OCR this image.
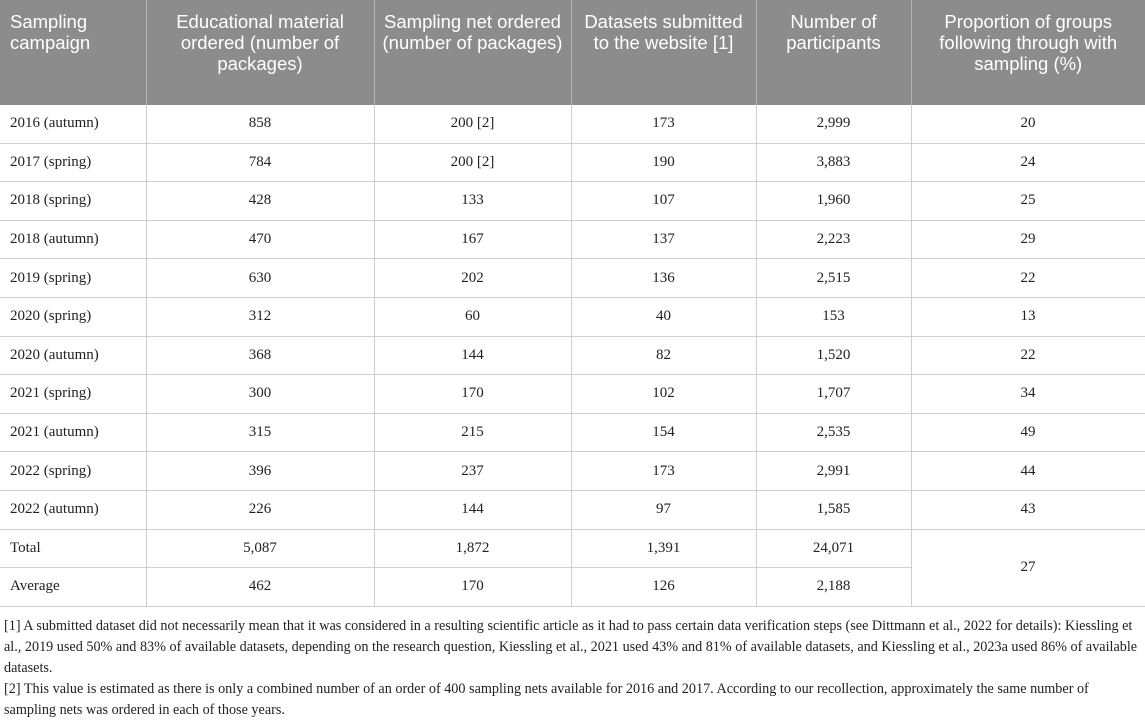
Sampling campaign	Educational material ordered (number of packages)	Sampling net ordered (number of packages)	Datasets submitted to the website [1]	Number of participants	Proportion of groups following through with sampling (%)
2016 (autumn)	858	200 [2]	173	2,999	20
2017 (spring)	784	200 [2]	190	3,883	24
2018 (spring)	428	133	107	1,960	25
2018 (autumn)	470	167	137	2,223	29
2019 (spring)	630	202	136	2,515	22
2020 (spring)	312	60	40	153	13
2020 (autumn)	368	144	82	1,520	22
2021 (spring)	300	170	102	1,707	34
2021 (autumn)	315	215	154	2,535	49
2022 (spring)	396	237	173	2,991	44
2022 (autumn)	226	144	97	1,585	43
Total	5,087	1,872	1,391	24,071	27
Average	462	170	126	2,188	

[1] A submitted dataset did not necessarily mean that it was considered in a resulting scientific article as it had to pass certain data verification steps (see Dittmann et al., 2022 for details): Kiessling et al., 2019 used 50% and 83% of available datasets, depending on the research question, Kiessling et al., 2021 used 43% and 81% of available datasets, and Kiessling et al., 2023a used 86% of available datasets.

[2] This value is estimated as there is only a combined number of an order of 400 sampling nets available for 2016 and 2017. According to our recollection, approximately the same number of sampling nets was ordered in each of those years.
